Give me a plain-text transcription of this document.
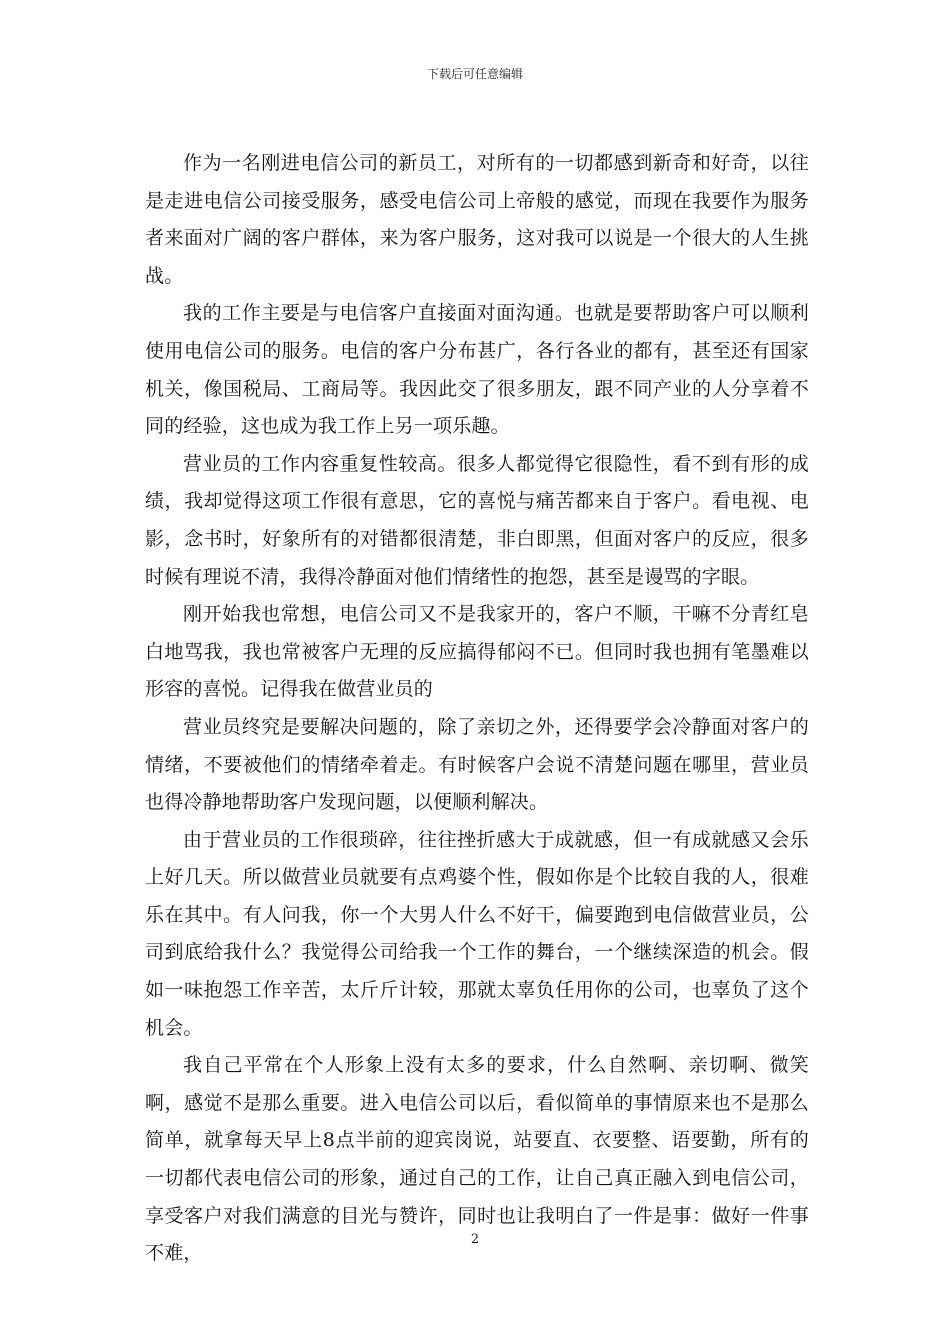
下载后可任意编辑

作为一名刚进电信公司的新员工，对所有的一切都感到新奇和好奇，以往是走进电信公司接受服务，感受电信公司上帝般的感觉，而现在我要作为服务者来面对广阔的客户群体，来为客户服务，这对我可以说是一个很大的人生挑战。

我的工作主要是与电信客户直接面对面沟通。也就是要帮助客户可以顺利使用电信公司的服务。电信的客户分布甚广，各行各业的都有，甚至还有国家机关，像国税局、工商局等。我因此交了很多朋友，跟不同产业的人分享着不同的经验，这也成为我工作上另一项乐趣。

营业员的工作内容重复性较高。很多人都觉得它很隐性，看不到有形的成绩，我却觉得这项工作很有意思，它的喜悦与痛苦都来自于客户。看电视、电影，念书时，好象所有的对错都很清楚，非白即黑，但面对客户的反应，很多时候有理说不清，我得冷静面对他们情绪性的抱怨，甚至是谩骂的字眼。

刚开始我也常想，电信公司又不是我家开的，客户不顺，干嘛不分青红皂白地骂我，我也常被客户无理的反应搞得郁闷不已。但同时我也拥有笔墨难以形容的喜悦。记得我在做营业员的

营业员终究是要解决问题的，除了亲切之外，还得要学会冷静面对客户的情绪，不要被他们的情绪牵着走。有时候客户会说不清楚问题在哪里，营业员也得冷静地帮助客户发现问题，以便顺利解决。

由于营业员的工作很琐碎，往往挫折感大于成就感，但一有成就感又会乐上好几天。所以做营业员就要有点鸡婆个性，假如你是个比较自我的人，很难乐在其中。有人问我，你一个大男人什么不好干，偏要跑到电信做营业员，公司到底给我什么？我觉得公司给我一个工作的舞台，一个继续深造的机会。假如一味抱怨工作辛苦，太斤斤计较，那就太辜负任用你的公司，也辜负了这个机会。

我自己平常在个人形象上没有太多的要求，什么自然啊、亲切啊、微笑啊，感觉不是那么重要。进入电信公司以后，看似简单的事情原来也不是那么简单，就拿每天早上8点半前的迎宾岗说，站要直、衣要整、语要勤，所有的一切都代表电信公司的形象，通过自己的工作，让自己真正融入到电信公司，享受客户对我们满意的目光与赞许，同时也让我明白了一件是事：做好一件事不难，

2
